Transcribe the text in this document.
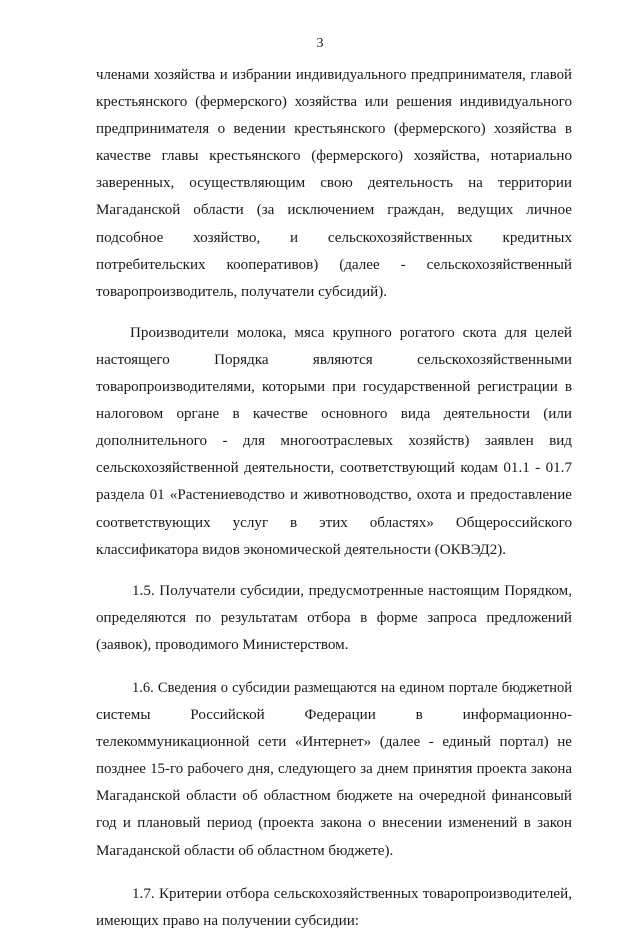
3

членами хозяйства и избрании индивидуального предпринимателя, главой
крестьянского (фермерского) хозяйства или решения индивидуального
предпринимателя о ведении крестьянского (фермерского) хозяйства в
качестве главы крестьянского (фермерского) хозяйства, нотариально
заверенных, осуществляющим свою деятельность на территории
Магаданской области (за исключением граждан, ведущих личное
подсобное хозяйство, и сельскохозяйственных кредитных
потребительских кооперативов) (далее - сельскохозяйственный
товаропроизводитель, получатели субсидий).

Производители молока, мяса крупного рогатого скота для целей
настоящего Порядка являются сельскохозяйственными
товаропроизводителями, которыми при государственной регистрации в
налоговом органе в качестве основного вида деятельности (или
дополнительного - для многоотраслевых хозяйств) заявлен вид
сельскохозяйственной деятельности, соответствующий кодам 01.1 - 01.7
раздела 01 «Растениеводство и животноводство, охота и предоставление
соответствующих услуг в этих областях» Общероссийского
классификатора видов экономической деятельности (ОКВЭД2).

1.5. Получатели субсидии, предусмотренные настоящим Порядком,
определяются по результатам отбора в форме запроса предложений
(заявок), проводимого Министерством.

1.6. Сведения о субсидии размещаются на едином портале бюджетной
системы Российской Федерации в информационно-
телекоммуникационной сети «Интернет» (далее - единый портал) не
позднее 15-го рабочего дня, следующего за днем принятия проекта закона
Магаданской области об областном бюджете на очередной финансовый
год и плановый период (проекта закона о внесении изменений в закон
Магаданской области об областном бюджете).

1.7. Критерии отбора сельскохозяйственных товаропроизводителей,
имеющих право на получении субсидии:
